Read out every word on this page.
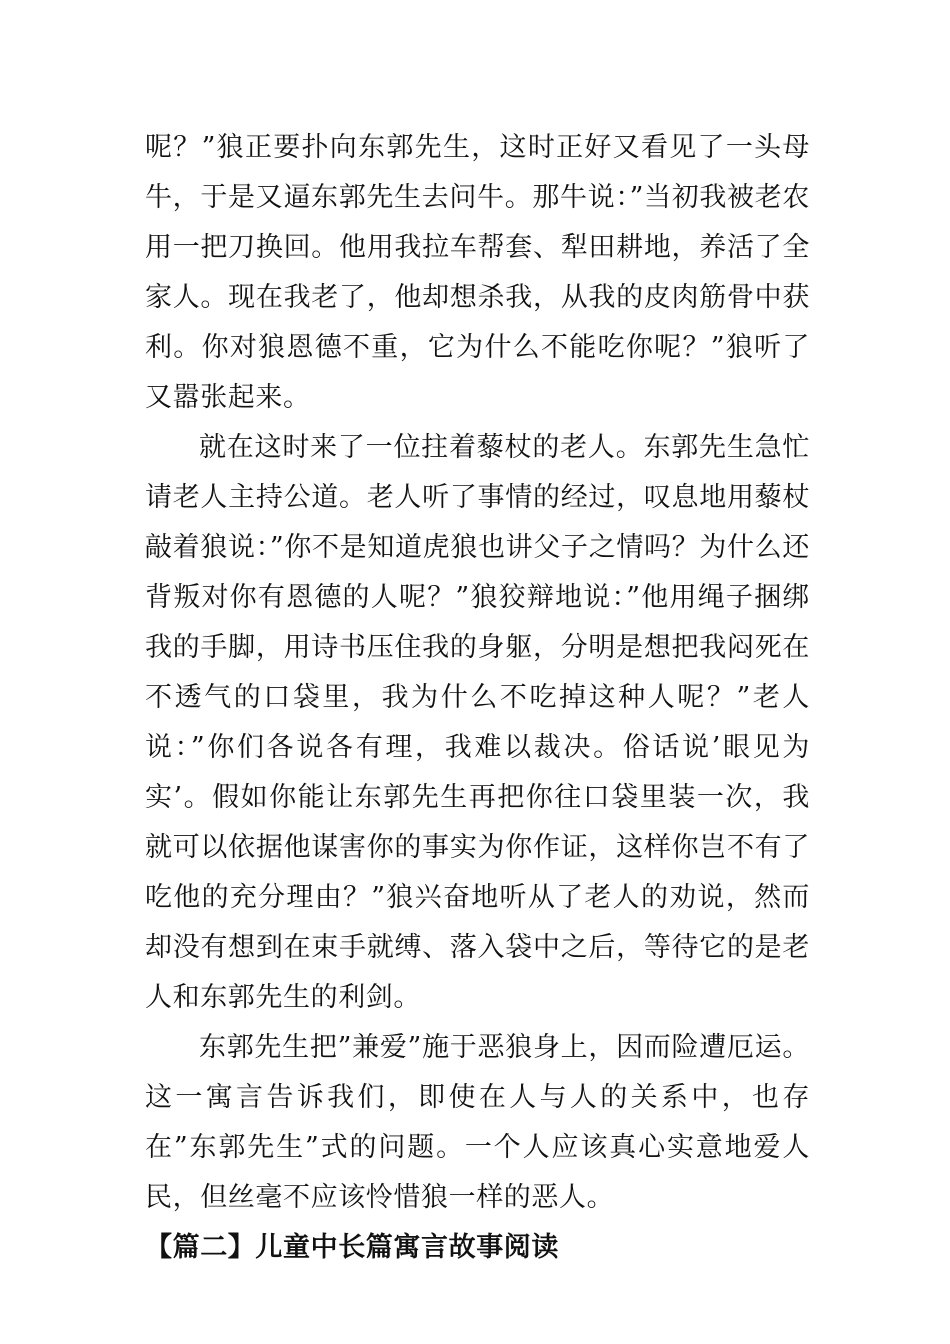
呢？”狼正要扑向东郭先生，这时正好又看见了一头母牛，于是又逼东郭先生去问牛。那牛说：”当初我被老农用一把刀换回。他用我拉车帮套、犁田耕地，养活了全家人。现在我老了，他却想杀我，从我的皮肉筋骨中获利。你对狼恩德不重，它为什么不能吃你呢？”狼听了又嚣张起来。

就在这时来了一位拄着藜杖的老人。东郭先生急忙请老人主持公道。老人听了事情的经过，叹息地用藜杖敲着狼说：”你不是知道虎狼也讲父子之情吗？为什么还背叛对你有恩德的人呢？”狼狡辩地说：”他用绳子捆绑我的手脚，用诗书压住我的身躯，分明是想把我闷死在不透气的口袋里，我为什么不吃掉这种人呢？”老人说：”你们各说各有理，我难以裁决。俗话说’眼见为实’。假如你能让东郭先生再把你往口袋里装一次，我就可以依据他谋害你的事实为你作证，这样你岂不有了吃他的充分理由？”狼兴奋地听从了老人的劝说，然而却没有想到在束手就缚、落入袋中之后，等待它的是老人和东郭先生的利剑。

东郭先生把”兼爱”施于恶狼身上，因而险遭厄运。这一寓言告诉我们，即使在人与人的关系中，也存在”东郭先生”式的问题。一个人应该真心实意地爱人民，但丝毫不应该怜惜狼一样的恶人。

【篇二】儿童中长篇寓言故事阅读
